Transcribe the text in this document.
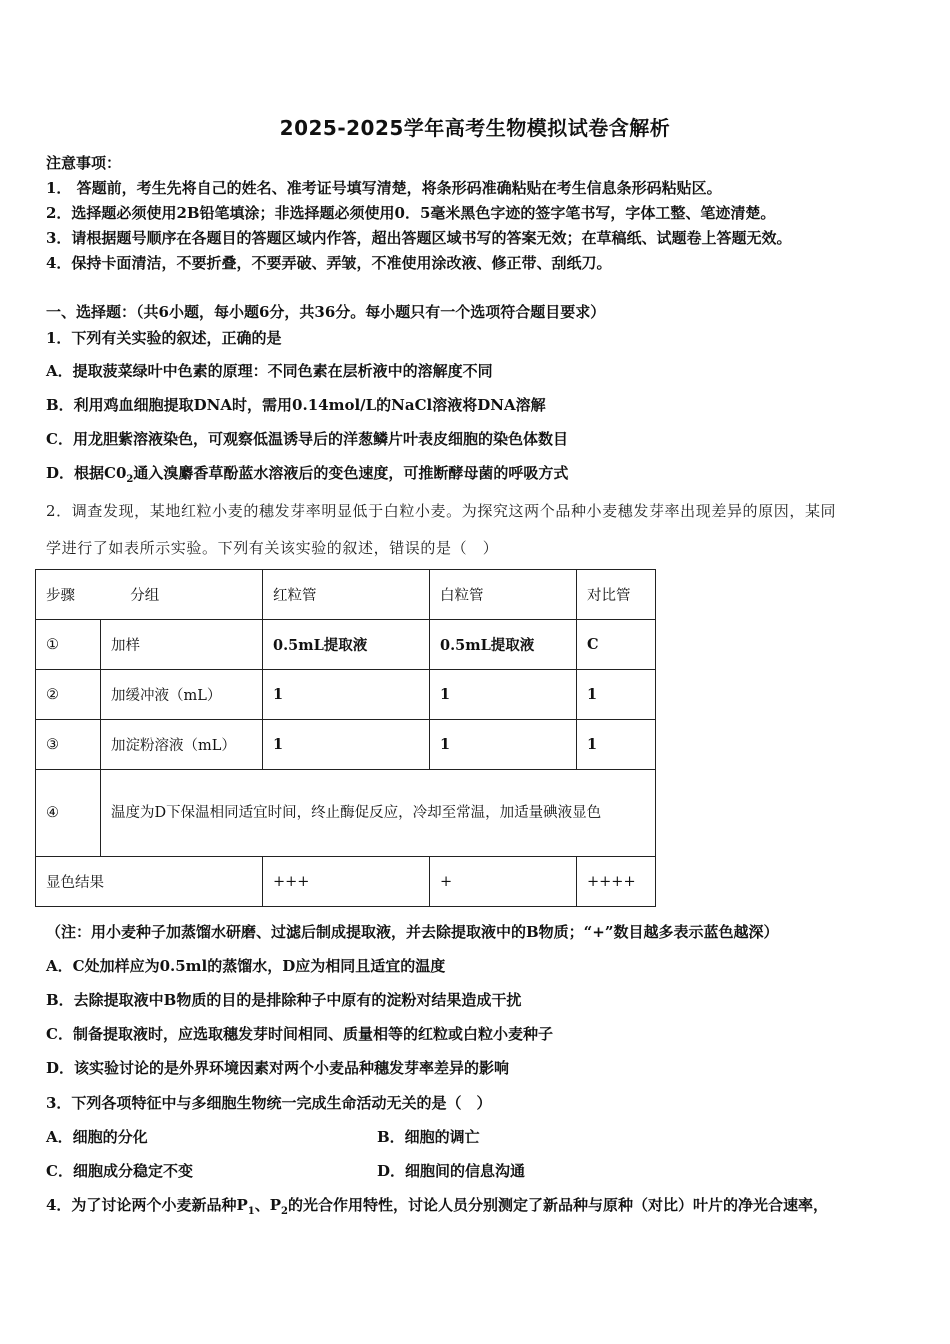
2025-2025学年高考生物模拟试卷含解析
注意事项：
1． 答题前，考生先将自己的姓名、准考证号填写清楚，将条形码准确粘贴在考生信息条形码粘贴区。
2．选择题必须使用2B铅笔填涂；非选择题必须使用0．5毫米黑色字迹的签字笔书写，字体工整、笔迹清楚。
3．请根据题号顺序在各题目的答题区域内作答，超出答题区域书写的答案无效；在草稿纸、试题卷上答题无效。
4．保持卡面清洁，不要折叠，不要弄破、弄皱，不准使用涂改液、修正带、刮纸刀。
一、选择题：（共6小题，每小题6分，共36分。每小题只有一个选项符合题目要求）
1．下列有关实验的叙述，正确的是
A．提取菠菜绿叶中色素的原理：不同色素在层析液中的溶解度不同
B．利用鸡血细胞提取DNA时，需用0.14mol/L的NaCl溶液将DNA溶解
C．用龙胆紫溶液染色，可观察低温诱导后的洋葱鳞片叶表皮细胞的染色体数目
D．根据$C0_2$通入溴麝香草酚蓝水溶液后的变色速度，可推断酵母菌的呼吸方式
2．调查发现，某地红粒小麦的穗发芽率明显低于白粒小麦。为探究这两个品种小麦穗发芽率出现差异的原因，某同
学进行了如表所示实验。下列有关该实验的叙述，错误的是（　）
步骤 分组		红粒管	白粒管	对比管
①	加样	0.5mL提取液	0.5mL提取液	C
②	加缓冲液（mL）	1	1	1
③	加淀粉溶液（mL）	1	1	1
④	温度为D下保温相同适宜时间，终止酶促反应，冷却至常温，加适量碘液显色			

显色结果		+++	+	++++
（注：用小麦种子加蒸馏水研磨、过滤后制成提取液，并去除提取液中的B物质；“+”数目越多表示蓝色越深）
A．C处加样应为0.5ml的蒸馏水，D应为相同且适宜的温度
B．去除提取液中B物质的目的是排除种子中原有的淀粉对结果造成干扰
C．制备提取液时，应选取穗发芽时间相同、质量相等的红粒或白粒小麦种子
D．该实验讨论的是外界环境因素对两个小麦品种穗发芽率差异的影响
3．下列各项特征中与多细胞生物统一完成生命活动无关的是（　）
A．细胞的分化	B．细胞的调亡
C．细胞成分稳定不变	D．细胞间的信息沟通
4．为了讨论两个小麦新品种$P_1$、$P_2$的光合作用特性，讨论人员分别测定了新品种与原种（对比）叶片的净光合速率，
